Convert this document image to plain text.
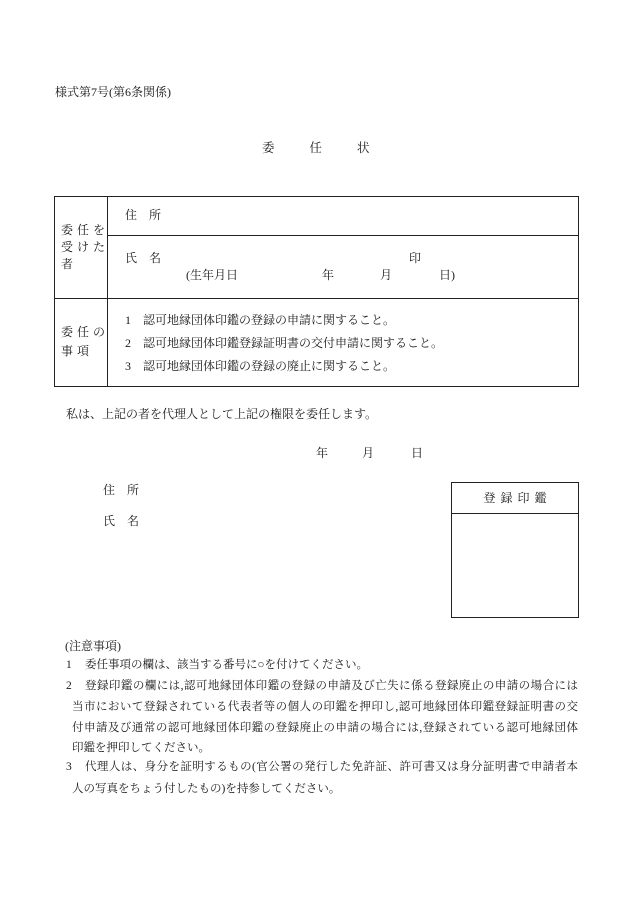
様式第7号(第6条関係)
委任状
委任を受けた者
住　所
氏　名	印
(生年月日	年	月	日)
委任の事項
1 認可地縁団体印鑑の登録の申請に関すること。
2 認可地縁団体印鑑登録証明書の交付申請に関すること。
3 認可地縁団体印鑑の登録の廃止に関すること。
私は、上記の者を代理人として上記の権限を委任します。
年	月	日
住　所
氏　名
登録印鑑
(注意事項)
1 委任事項の欄は、該当する番号に○を付けてください。
2 登録印鑑の欄には,認可地縁団体印鑑の登録の申請及び亡失に係る登録廃止の申請の場合には
当市において登録されている代表者等の個人の印鑑を押印し,認可地縁団体印鑑登録証明書の交
付申請及び通常の認可地縁団体印鑑の登録廃止の申請の場合には,登録されている認可地縁団体
印鑑を押印してください。
3 代理人は、身分を証明するもの(官公署の発行した免許証、許可書又は身分証明書で申請者本
人の写真をちょう付したもの)を持参してください。
